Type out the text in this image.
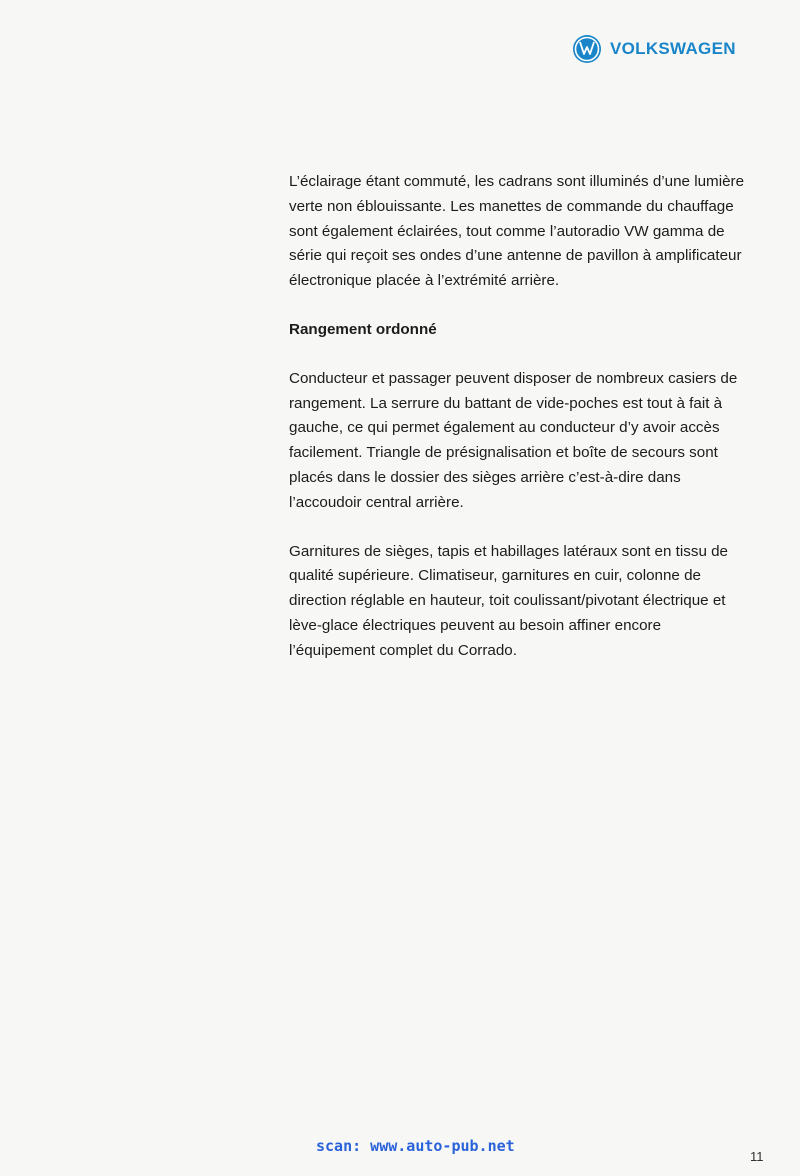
VOLKSWAGEN

L’éclairage étant commuté, les cadrans sont illuminés d’une lumière verte non éblouissante. Les manettes de commande du chauffage sont également éclairées, tout comme l’autoradio VW gamma de série qui reçoit ses ondes d’une antenne de pavillon à amplificateur électronique placée à l’extrémité arrière.

Rangement ordonné

Conducteur et passager peuvent disposer de nombreux casiers de rangement. La serrure du battant de vide-poches est tout à fait à gauche, ce qui permet également au conducteur d’y avoir accès facilement. Triangle de présignalisation et boîte de secours sont placés dans le dossier des sièges arrière c’est-à-dire dans l’accoudoir central arrière.

Garnitures de sièges, tapis et habillages latéraux sont en tissu de qualité supérieure. Climatiseur, garnitures en cuir, colonne de direction réglable en hauteur, toit coulissant/pivotant électrique et lève-glace électriques peuvent au besoin affiner encore l’équipement complet du Corrado.

scan: www.auto-pub.net
11
